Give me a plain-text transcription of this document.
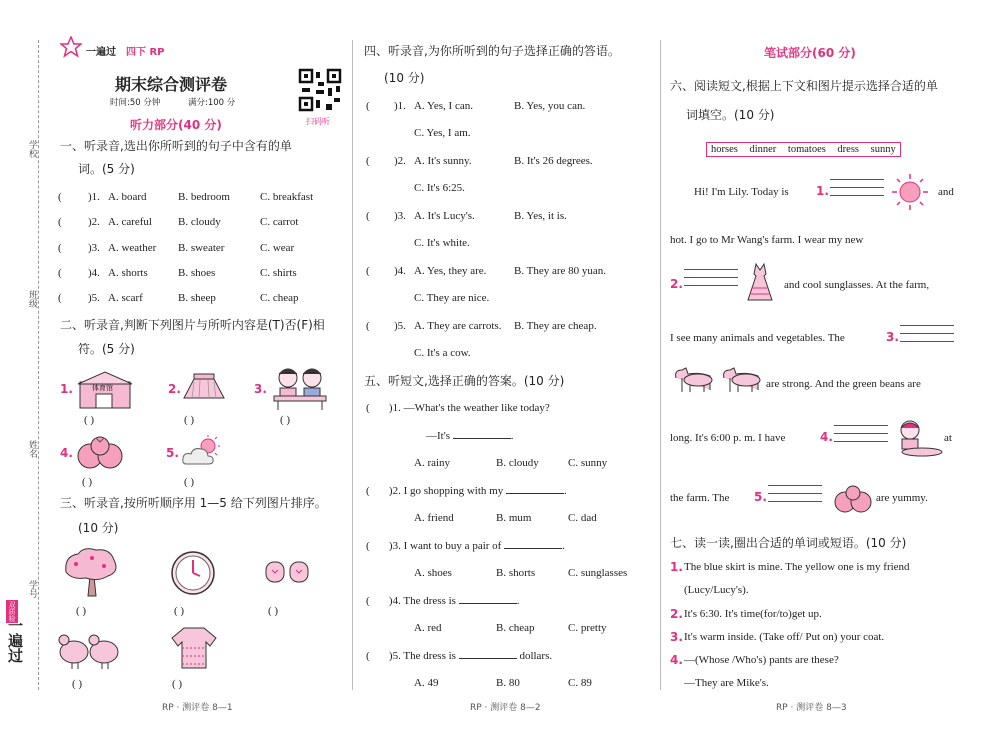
学校
班级
姓名
学号
双质检
一遍过
一遍过 四下 RP
期末综合测评卷
时间:50 分钟	满分:100 分
扫码听
听力部分(40 分)
一、听录音,选出你所听到的句子中含有的单
词。(5 分)
( )1. A. board	B. bedroom	C. breakfast
( )2. A. careful B. cloudy	C. carrot
( )3. A. weather B. sweater	C. wear
( )4. A. shorts	B. shoes	C. shirts
( )5. A. scarf	B. sheep	C. cheap
二、听录音,判断下列图片与所听内容是(T)否(F)相
符。(5 分)
1.	体育馆
( )
2.
( )
3.
( )
4.
( )
5.
( )
三、听录音,按所听顺序用 1—5 给下列图片排序。
(10 分)
( )	( )	( )
( )	( )
RP · 测评卷 8—1
四、听录音,为你所听到的句子选择正确的答语。
(10 分)
( )1. A. Yes, I can.	B. Yes, you can.
C. Yes, I am.
( )2. A. It's sunny.	B. It's 26 degrees.
C. It's 6:25.
( )3. A. It's Lucy's.	B. Yes, it is.
C. It's white.
( )4. A. Yes, they are.	B. They are 80 yuan.
C. They are nice.
( )5. A. They are carrots. B. They are cheap.
C. It's a cow.
五、听短文,选择正确的答案。(10 分)
(       )1. —What's the weather like today?
—It's	.
A. rainy	B. cloudy	C. sunny
(       )2. I go shopping with my	.
A. friend	B. mum	C. dad
(       )3. I want to buy a pair of	.
A. shoes	B. shorts	C. sunglasses
(       )4. The dress is	.
A. red	B. cheap	C. pretty
(       )5. The dress is	dollars.
A. 49	B. 80	C. 89
RP · 测评卷 8—2
笔试部分(60 分)
六、阅读短文,根据上下文和图片提示选择合适的单
词填空。(10 分)
horses dinner tomatoes dress sunny
Hi! I'm Lily. Today is 1.	and
hot. I go to Mr Wang's farm. I wear my new
2.	and cool sunglasses. At the farm,
I see many animals and vegetables. The	3.
are strong. And the green beans are
long. It's 6:00 p. m. I have	4.	at
the farm. The 5.	are yummy.
七、读一读,圈出合适的单词或短语。(10 分)
1. The blue skirt is mine. The yellow one is my friend
(Lucy/Lucy's).
2. It's 6:30. It's time(for/to)get up.
3. It's warm inside. (Take off/ Put on) your coat.
4. —(Whose /Who's) pants are these?
—They are Mike's.
RP · 测评卷 8—3
